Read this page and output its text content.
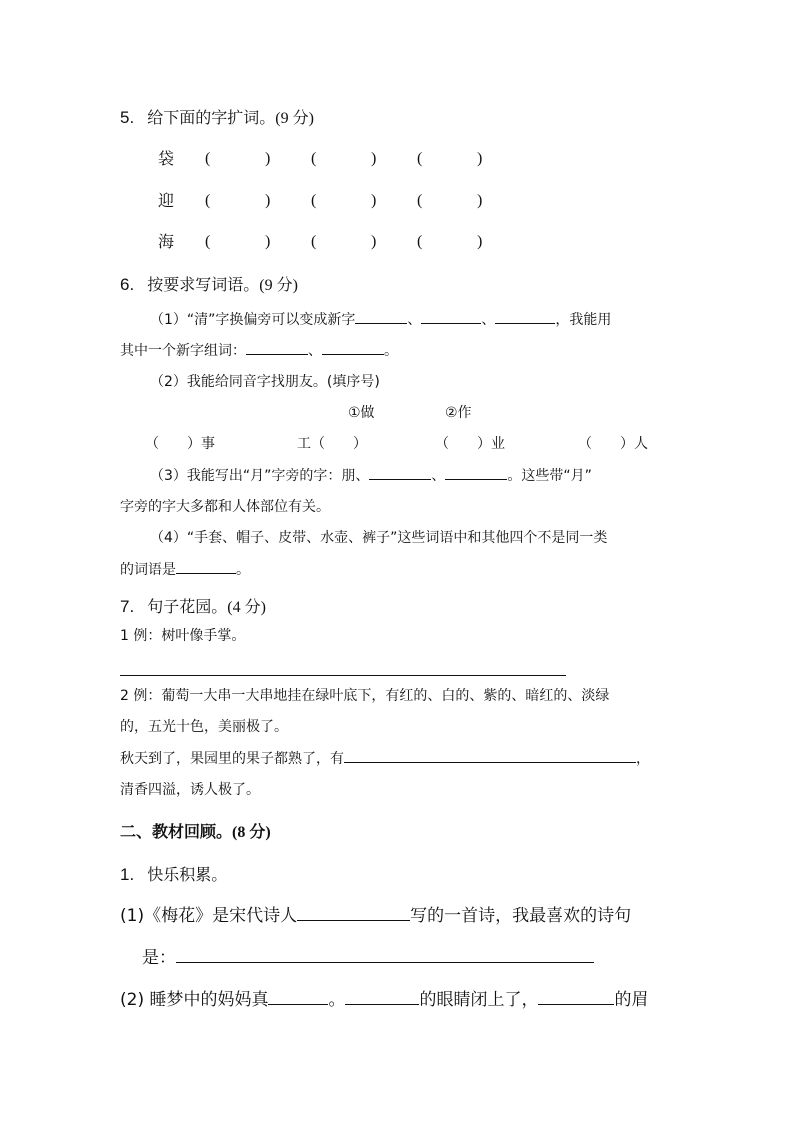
5. 给下面的字扩词。(9 分)
袋 (	)	(	)	(	)
迎 (	)	(	)	(	)
海 (	)	(	)	(	)
6. 按要求写词语。(9 分)
（1）“清”字换偏旁可以变成新字	、	、	，我能用
其中一个新字组词：	、	。
（2）我能给同音字找朋友。(填序号)
①做	②作
（　　）事	工（　　）	（　　）业	（　　）人
（3）我能写出“月”字旁的字：朋、	、	。这些带“月”
字旁的字大多都和人体部位有关。
（4）“手套、帽子、皮带、水壶、裤子”这些词语中和其他四个不是同一类
的词语是	。
7. 句子花园。(4 分)
1 例：树叶像手掌。
2 例：葡萄一大串一大串地挂在绿叶底下，有红的、白的、紫的、暗红的、淡绿
的，五光十色，美丽极了。
秋天到了，果园里的果子都熟了，有	，
清香四溢，诱人极了。
二、教材回顾。(8 分)
1. 快乐积累。
(1)《梅花》是宋代诗人	写的一首诗，我最喜欢的诗句
是：
(2) 睡梦中的妈妈真	。	的眼睛闭上了，	的眉
